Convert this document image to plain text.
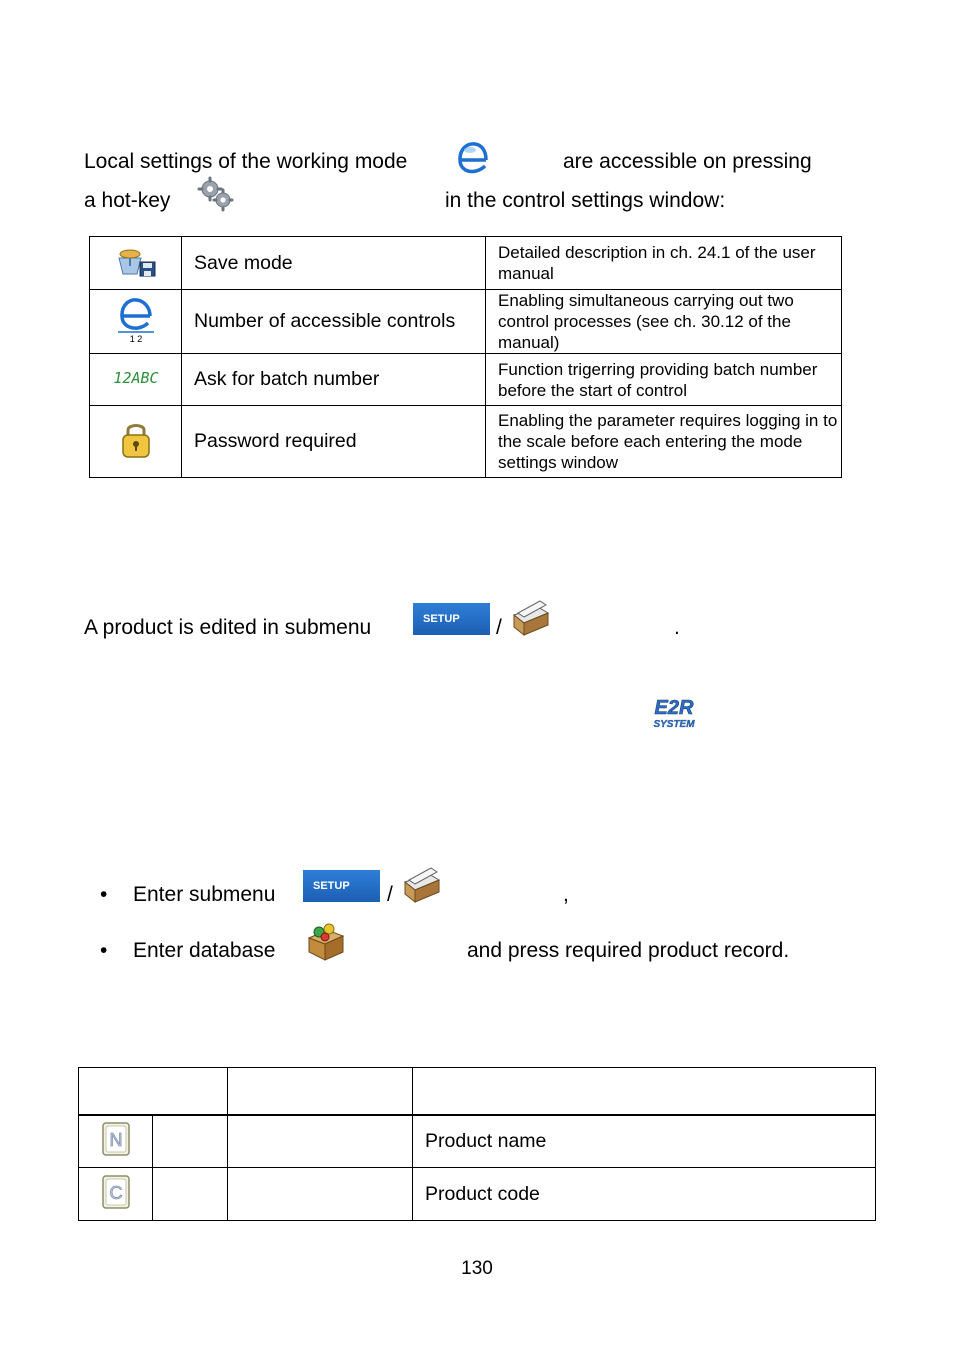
Local settings of the working mode	are accessible on pressing
a hot-key	in the control settings window:
	Save mode	Detailed description in ch. 24.1 of the user manual

1 2	Number of accessible controls	Enabling simultaneous carrying out two control processes (see ch. 30.12 of the manual)

12ABC	Ask for batch number	Function trigerring providing batch number before the start of control
	Password required	Enabling the parameter requires logging in to the scale before each entering the mode settings window
A product is edited in submenu	SETUP	/	.
E2R
SYSTEM
• Enter submenu	SETUP	/	,
• Enter database	and press required product record.

N			Product name

C			Product code
130
